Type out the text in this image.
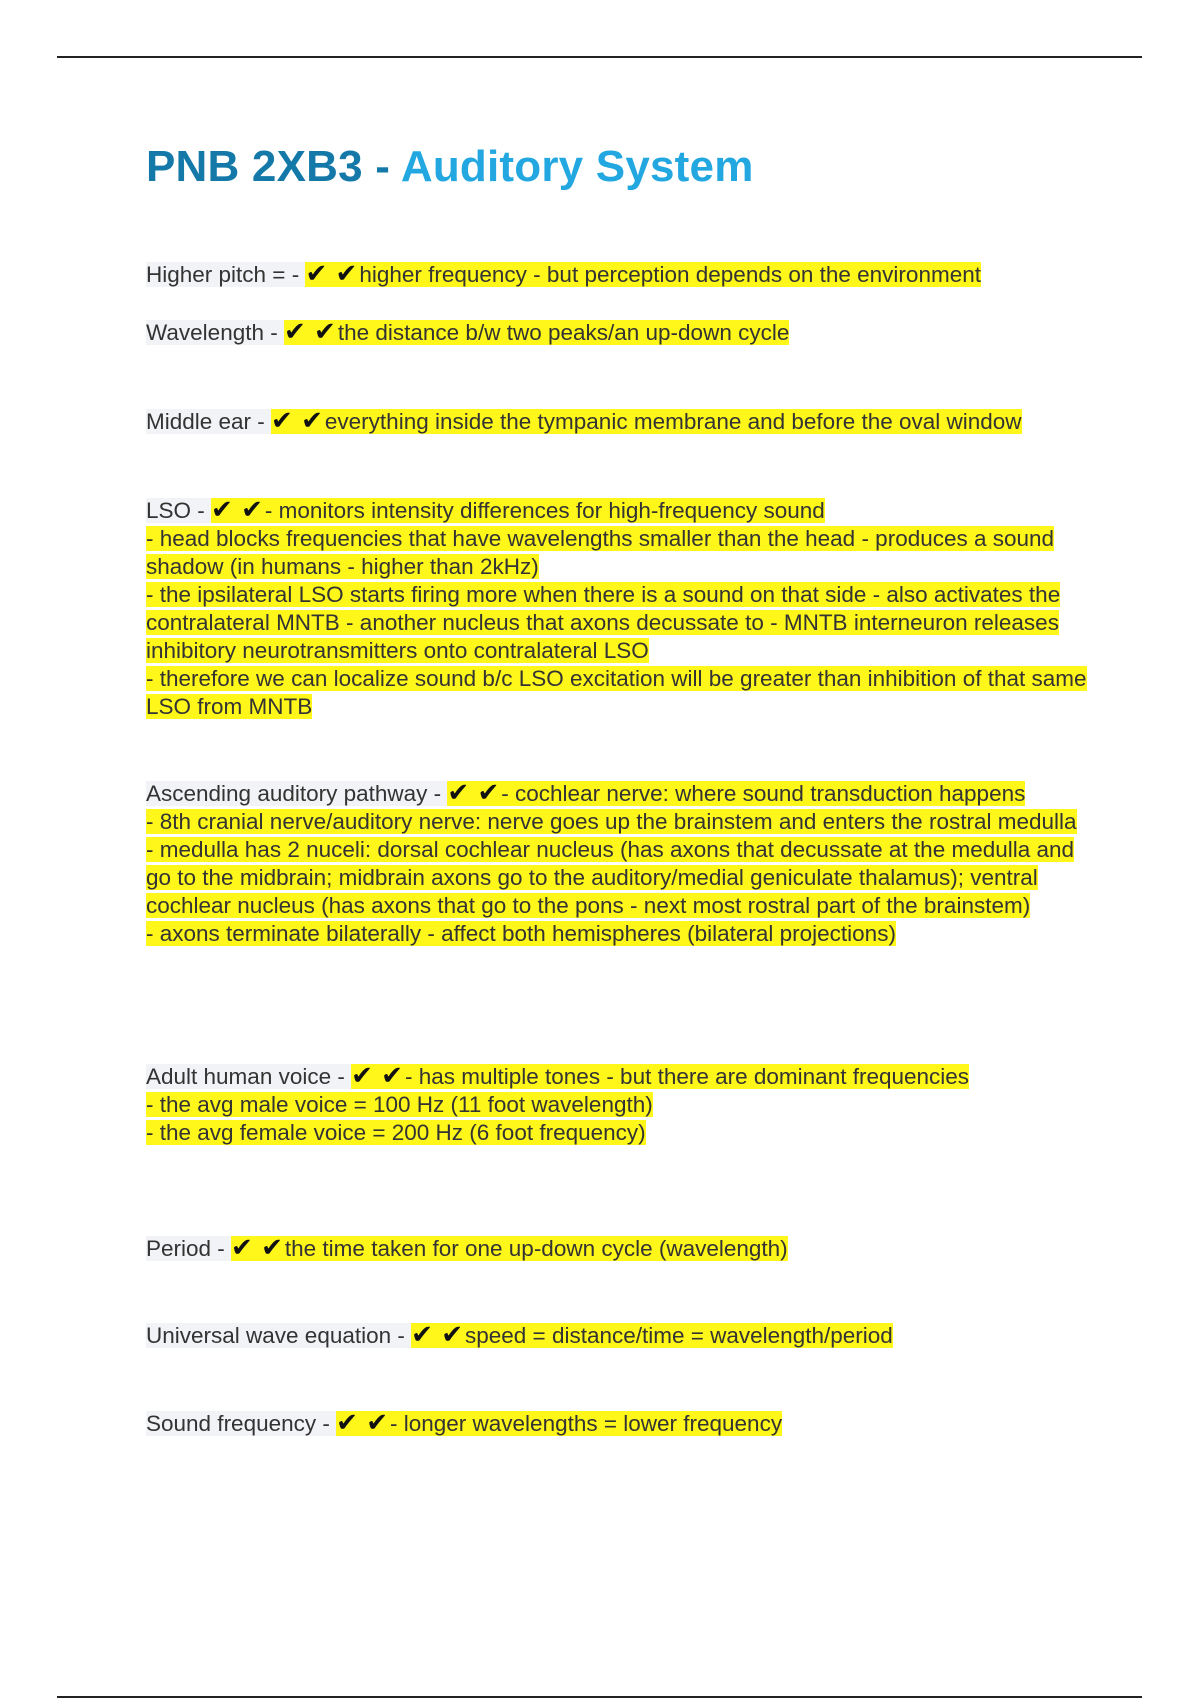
PNB 2XB3 - Auditory System
Higher pitch = - ✔ ✔higher frequency - but perception depends on the environment
Wavelength - ✔ ✔the distance b/w two peaks/an up-down cycle
Middle ear - ✔ ✔everything inside the tympanic membrane and before the oval window
LSO - ✔ ✔- monitors intensity differences for high-frequency sound
- head blocks frequencies that have wavelengths smaller than the head - produces a sound shadow (in humans - higher than 2kHz)
- the ipsilateral LSO starts firing more when there is a sound on that side - also activates the contralateral MNTB - another nucleus that axons decussate to - MNTB interneuron releases inhibitory neurotransmitters onto contralateral LSO
- therefore we can localize sound b/c LSO excitation will be greater than inhibition of that same LSO from MNTB
Ascending auditory pathway - ✔ ✔- cochlear nerve: where sound transduction happens
- 8th cranial nerve/auditory nerve: nerve goes up the brainstem and enters the rostral medulla
- medulla has 2 nuceli: dorsal cochlear nucleus (has axons that decussate at the medulla and go to the midbrain; midbrain axons go to the auditory/medial geniculate thalamus); ventral cochlear nucleus (has axons that go to the pons - next most rostral part of the brainstem)
- axons terminate bilaterally - affect both hemispheres (bilateral projections)
Adult human voice - ✔ ✔- has multiple tones - but there are dominant frequencies
- the avg male voice = 100 Hz (11 foot wavelength)
- the avg female voice = 200 Hz (6 foot frequency)
Period - ✔ ✔the time taken for one up-down cycle (wavelength)
Universal wave equation - ✔ ✔speed = distance/time = wavelength/period
Sound frequency - ✔ ✔- longer wavelengths = lower frequency
